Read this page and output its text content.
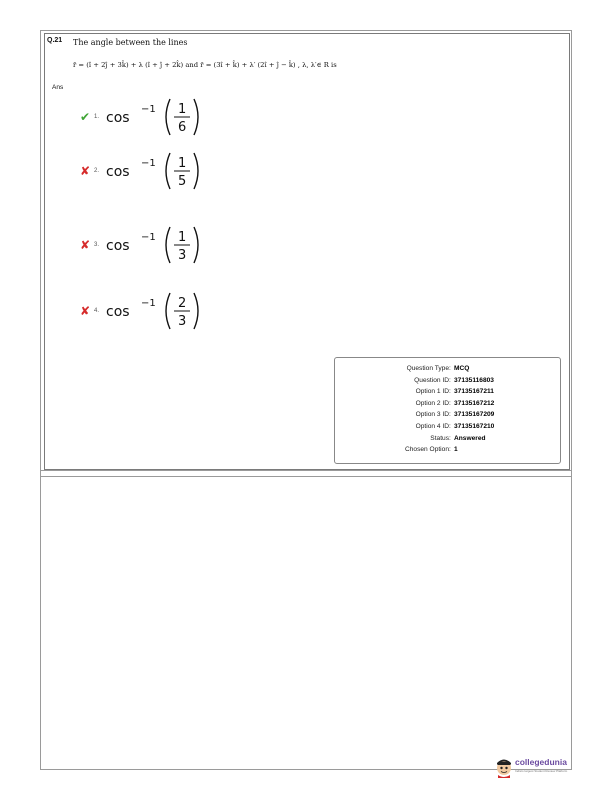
Q.21 The angle between the lines
r̄ = (î + 2ĵ + 3k̂) + λ (î + ĵ + 2k̂) and r̄ = (3î + k̂) + λ′ (2î + ĵ − k̂) , λ, λ′∈ R is
Ans
✔ 1. cos
−1 1
6
✘ 2. cos
−1 1
5
✘ 3. cos
−1 1
3
✘ 4. cos
−1 2
3
Question Type : MCQ
Question ID : 37135116803
Option 1 ID : 37135167211
Option 2 ID : 37135167212
Option 3 ID : 37135167209
Option 4 ID : 37135167210
Status : Answered
Chosen Option : 1
collegedunia
India's largest Student Review Platform
